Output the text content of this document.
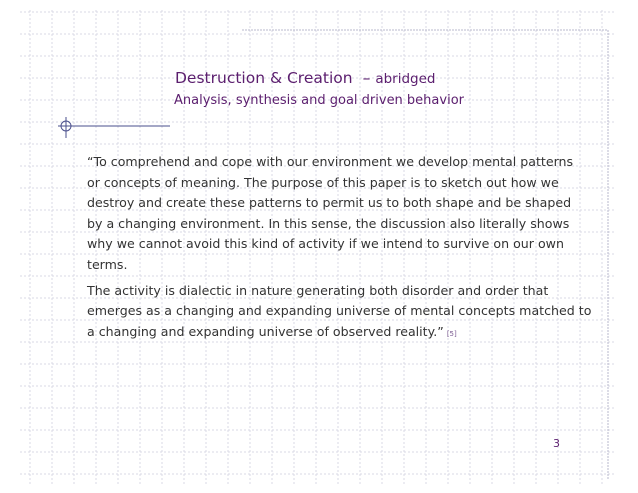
Destruction & Creation – abridged
Analysis, synthesis and goal driven behavior

“To comprehend and cope with our environment we develop mental patterns
or concepts of meaning. The purpose of this paper is to sketch out how we
destroy and create these patterns to permit us to both shape and be shaped
by a changing environment. In this sense, the discussion also literally shows
why we cannot avoid this kind of activity if we intend to survive on our own
terms.

The activity is dialectic in nature generating both disorder and order that
emerges as a changing and expanding universe of mental concepts matched to
a changing and expanding universe of observed reality.” [5]

3
